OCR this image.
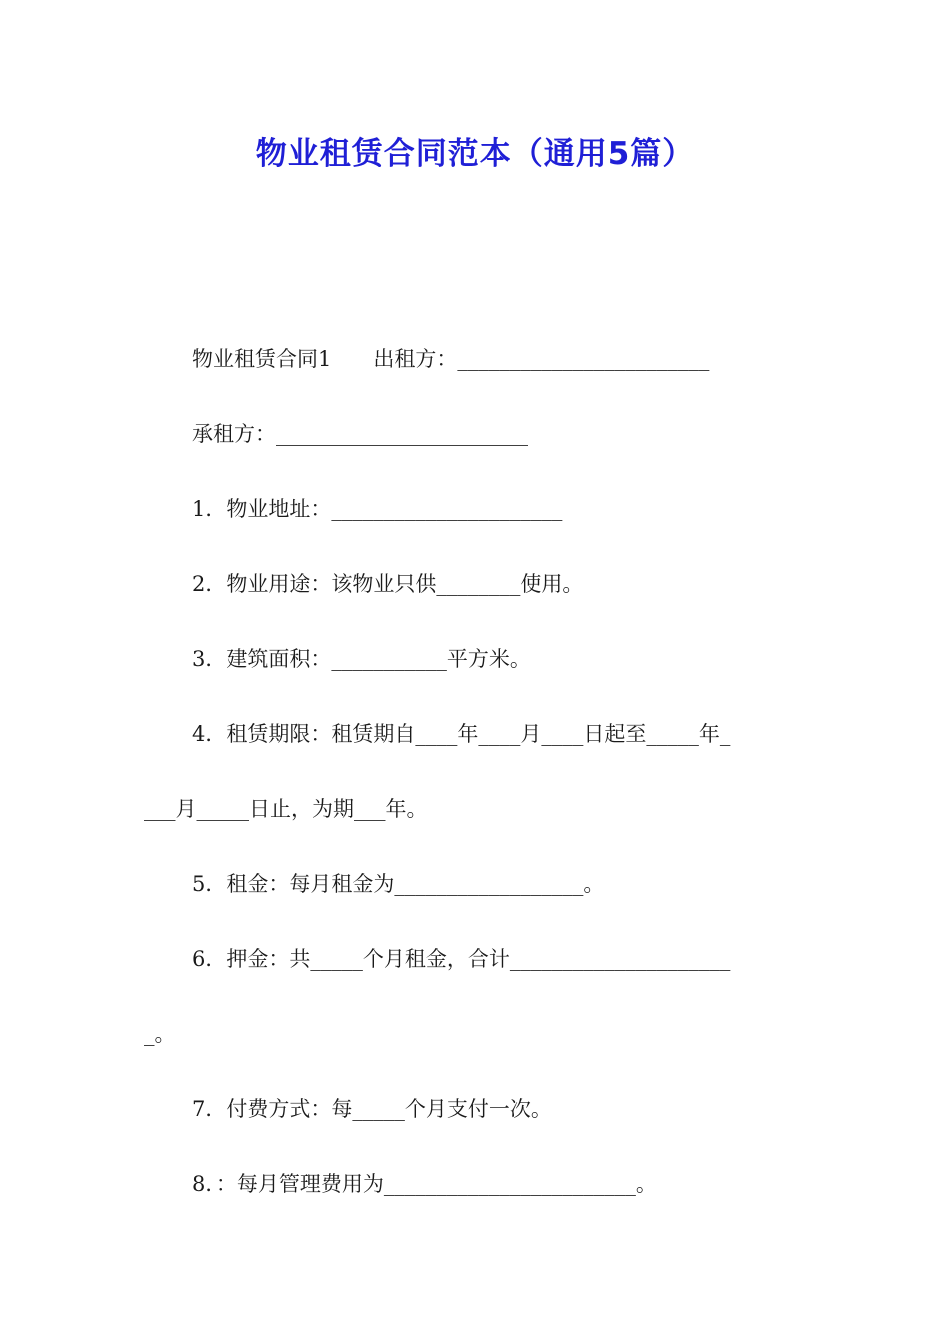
物业租赁合同范本（通用5篇）
物业租赁合同1　　出租方：________________________
承租方：________________________
1．物业地址：______________________
2．物业用途：该物业只供________使用。
3．建筑面积：___________平方米。
4．租赁期限：租赁期自____年____月____日起至_____年_
___月_____日止，为期___年。
5．租金：每月租金为__________________。
6．押金：共_____个月租金，合计_____________________
_。
7．付费方式：每_____个月支付一次。
8．：每月管理费用为________________________。
